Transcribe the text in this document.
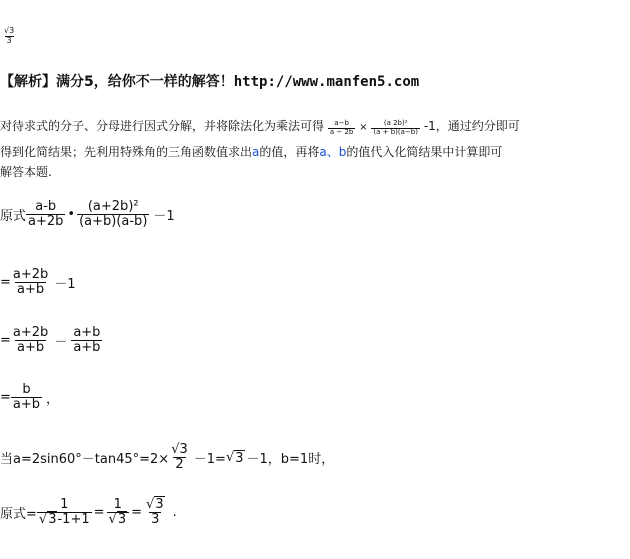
$\frac{√3}{3}$
【解析】满分5，给你不一样的解答！http://www.manfen5.com
对待求式的分子、分母进行因式分解，并将除法化为乘法可得 $\frac{a-b}{a - 2b} \times \frac{\text{(a 2b)²}}{(a + b)(a-b)} -1$，通过约分即可
得到化简结果；先利用特殊角的三角函数值求出a的值，再将a、b的值代入化简结果中计算即可
解答本题.
原式 $\frac{a-b}{a+2b}$ • $\frac{\text{(a+2b)²}}{(a+b)(a-b)} -1$
= $\frac{a+2b}{a+b} -1$
= $\frac{a+2b}{a+b} - \frac{a+b}{a+b}$
= $\frac{b}{a+b}$ ，
当$a=2\sin 60^\circ-\tan 45^\circ=2\times \frac{√3}{2} -1=$ √ 3 －1，b=1时，
原式= $\frac{1}{√3-1+1} = \frac{1}{√3} = \frac{√3}{3}$ .
